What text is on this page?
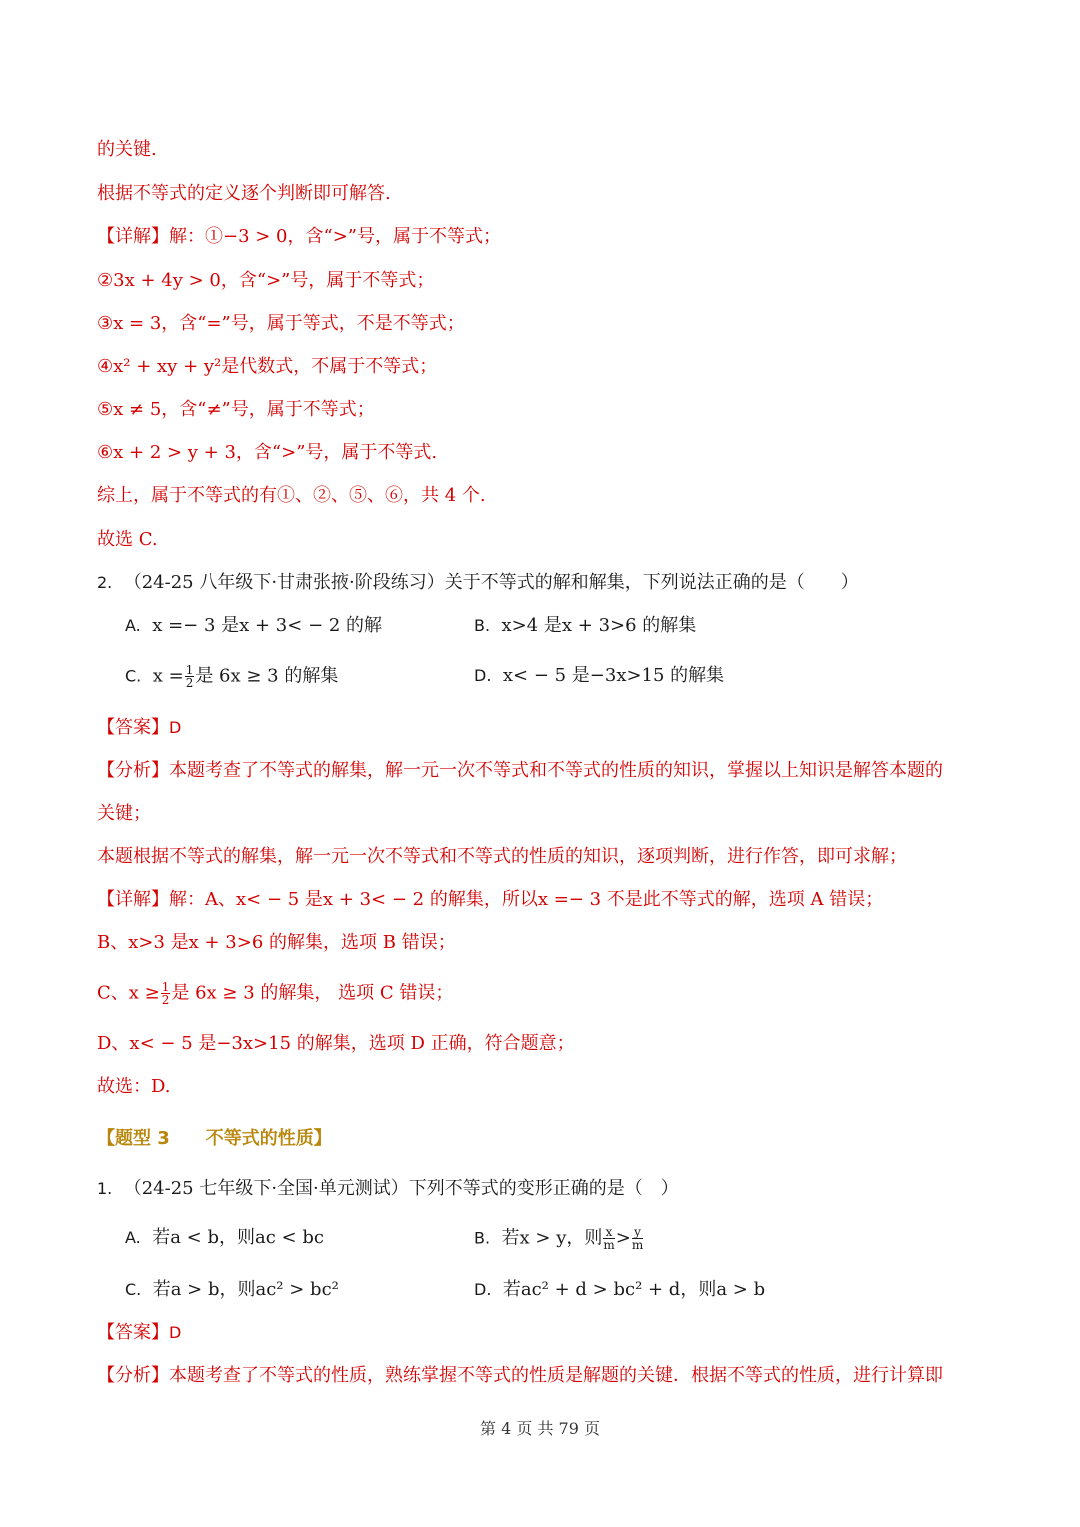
的关键.
根据不等式的定义逐个判断即可解答.
【详解】解：①−3 > 0，含“>”号，属于不等式；
②3x + 4y > 0，含“>”号，属于不等式；
③x = 3，含“=”号，属于等式，不是不等式；
④x² + xy + y²是代数式，不属于不等式；
⑤x ≠ 5，含“≠”号，属于不等式；
⑥x + 2 > y + 3，含“>”号，属于不等式.
综上，属于不等式的有①、②、⑤、⑥，共 4 个.
故选 C.
2. （24-25 八年级下·甘肃张掖·阶段练习）关于不等式的解和解集，下列说法正确的是（　　）
A. x =− 3 是x + 3< − 2 的解	B. x>4 是x + 3>6 的解集
C. $x = \frac{1}{2}$ 是 6x ≥ 3 的解集	D. x< − 5 是−3x>15 的解集
【答案】D
【分析】本题考查了不等式的解集，解一元一次不等式和不等式的性质的知识，掌握以上知识是解答本题的
关键；
本题根据不等式的解集，解一元一次不等式和不等式的性质的知识，逐项判断，进行作答，即可求解；
【详解】解：A、x< − 5 是x + 3< − 2 的解集，所以x =− 3 不是此不等式的解，选项 A 错误；
B、x>3 是x + 3>6 的解集，选项 B 错误；
C、$x \ge \frac{1}{2}$ 是 6x ≥ 3 的解集， 选项 C 错误；
D、x< − 5 是−3x>15 的解集，选项 D 正确，符合题意；
故选：D.
【题型 3　　不等式的性质】
1. （24-25 七年级下·全国·单元测试）下列不等式的变形正确的是（　）
A. 若a < b，则ac < bc	B. 若x > y，则 $\frac{x}{m} > \frac{y}{m}$
C. 若a > b，则ac² > bc²	D. 若ac² + d > bc² + d，则a > b
【答案】D
【分析】本题考查了不等式的性质，熟练掌握不等式的性质是解题的关键．根据不等式的性质，进行计算即
第 4 页 共 79 页
